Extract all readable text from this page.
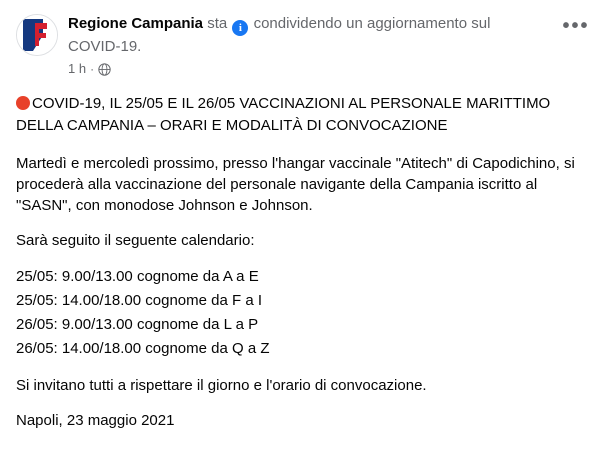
Regione Campania sta i condividendo un aggiornamento sul COVID-19.
1 h ·
•••

COVID-19, IL 25/05 E IL 26/05 VACCINAZIONI AL PERSONALE MARITTIMO DELLA CAMPANIA – ORARI E MODALITÀ DI CONVOCAZIONE

Martedì e mercoledì prossimo, presso l'hangar vaccinale "Atitech" di Capodichino, si procederà alla vaccinazione del personale navigante della Campania iscritto al "SASN", con monodose Johnson e Johnson.

Sarà seguito il seguente calendario:

25/05: 9.00/13.00 cognome da A a E

25/05: 14.00/18.00 cognome da F a I

26/05: 9.00/13.00 cognome da L a P

26/05: 14.00/18.00 cognome da Q a Z

Si invitano tutti a rispettare il giorno e l'orario di convocazione.

Napoli, 23 maggio 2021
